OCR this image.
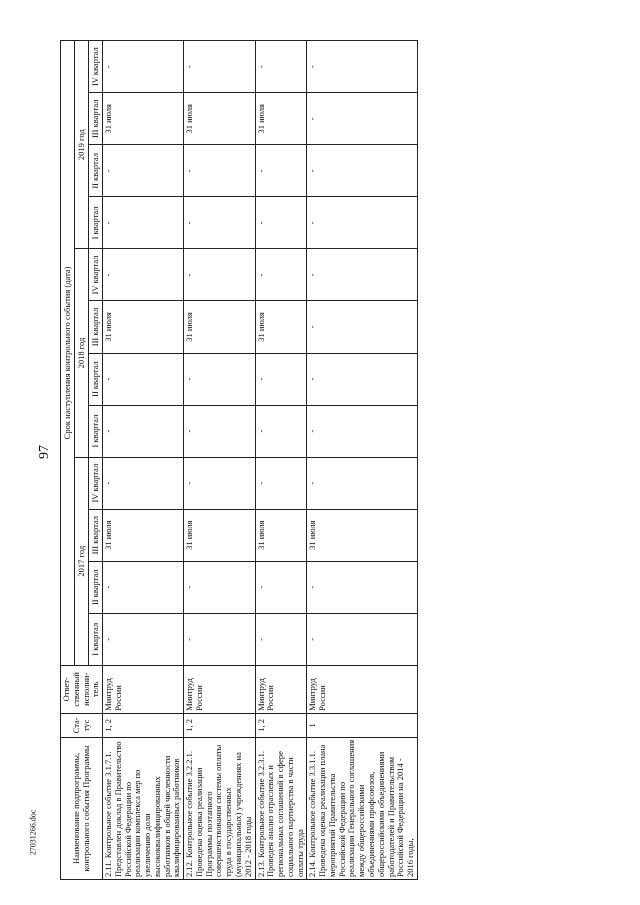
97
27031266.doc	Наименование подпрограммы, контрольного события Программы	Ста-тус	Ответ-ственный исполни-тель	Срок наступления контрольного события (дата)											
			2017 год				2018 год				2019 год			
			I квартал	II квартал	III квартал	IV квартал	I квартал	II квартал	III квартал	IV квартал	I квартал	II квартал	III квартал	IV квартал
2.11. Контрольное событие 3.1.7.1. Представлен доклад в Правительство Российской Федерации по реализации комплекса мер по увеличению доли высококвалифицированных работников в общей численности квалифицированных работников	1, 2	Минтруд России	-	-	31 июля	-	-	-	31 июля	-	-	-	31 июля	-
2.12. Контрольное событие 3.2.2.1. Проведена оценка реализации Программы поэтапного совершенствования системы оплаты труда в государственных (муниципальных) учреждениях на 2012 - 2018 годы	1, 2	Минтруд России	-	-	31 июля	-	-	-	31 июля	-	-	-	31 июля	-
2.13. Контрольное событие 3.2.3.1. Проведен анализ отраслевых и региональных соглашений в сфере социального партнерства в части оплаты труда	1, 2	Минтруд России	-	-	31 июля	-	-	-	31 июля	-	-	-	31 июля	-
2.14. Контрольное событие 3.3.1.1. Проведена оценка реализации плана мероприятий Правительства Российской Федерации по реализации Генерального соглашения между общероссийскими объединениями профсоюзов, общероссийскими объединениями работодателей и Правительством Российской Федерации на 2014 - 2016 годы,	1	Минтруд России	-	-	31 июля	-	-	-	-	-	-	-	-	-
